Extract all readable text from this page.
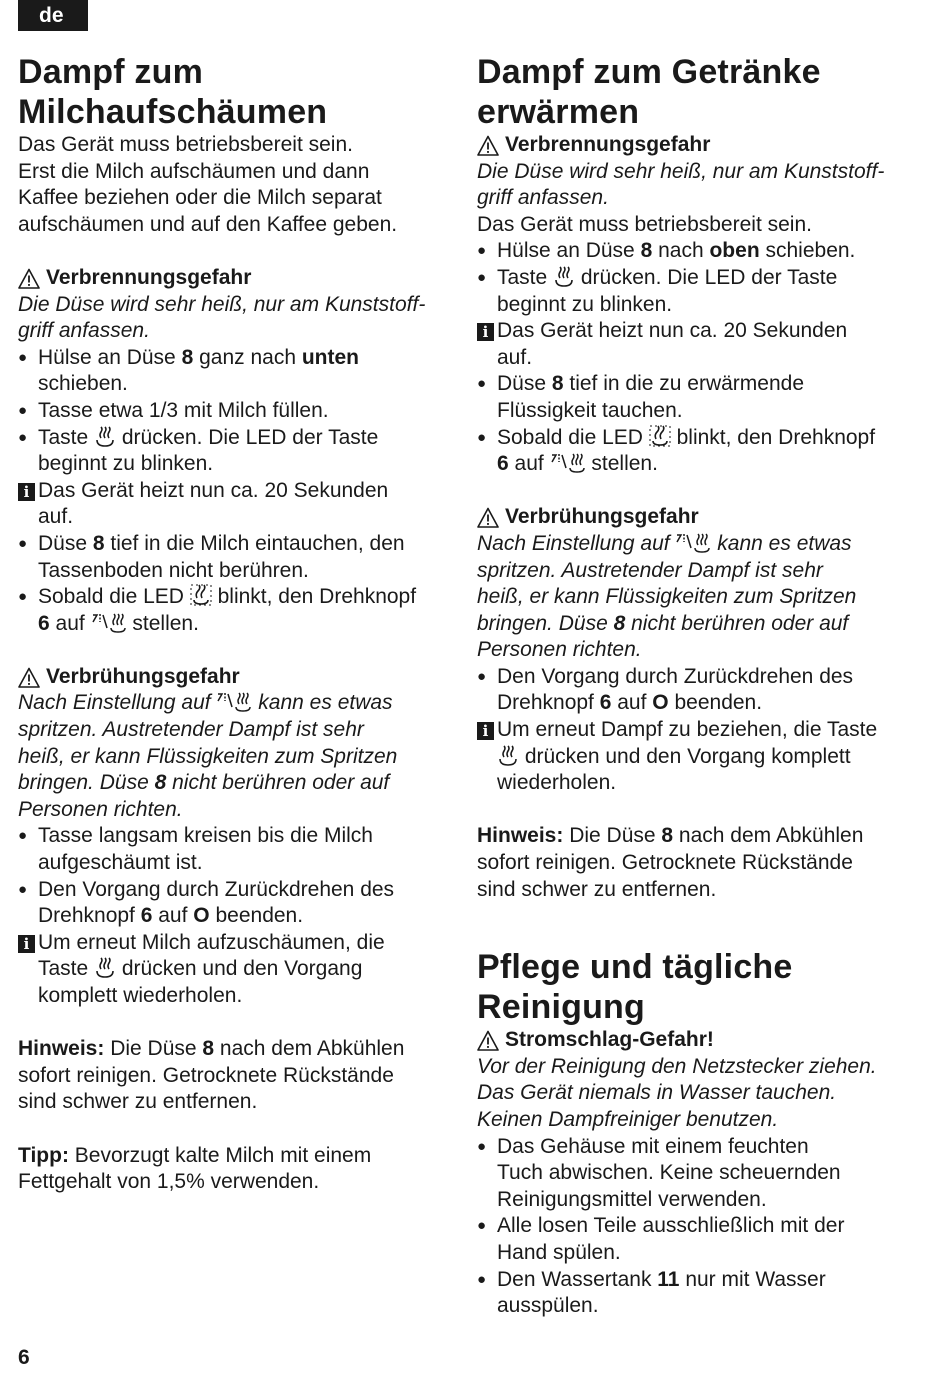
de
Dampf zum Milchaufschäumen

Das Gerät muss betriebsbereit sein.

Erst die Milch aufschäumen und dann

Kaffee beziehen oder die Milch separat

aufschäumen und auf den Kaffee geben.

Verbrennungsgefahr

Die Düse wird sehr heiß, nur am Kunststoff-

griff anfassen.

● Hülse an Düse 8 ganz nach unten
schieben.
● Tasse etwa 1/3 mit Milch füllen.
● Taste  drücken. Die LED der Taste
beginnt zu blinken.
i Das Gerät heizt nun ca. 20 Sekunden
auf.
● Düse 8 tief in die Milch eintauchen, den
Tassenboden nicht berühren.
● Sobald die LED  blinkt, den Drehknopf
6 auf  stellen.

Verbrühungsgefahr

Nach Einstellung auf  kann es etwas

spritzen. Austretender Dampf ist sehr

heiß, er kann Flüssigkeiten zum Spritzen

bringen. Düse 8 nicht berühren oder auf

Personen richten.

● Tasse langsam kreisen bis die Milch
aufgeschäumt ist.
● Den Vorgang durch Zurückdrehen des
Drehknopf 6 auf O beenden.
i Um erneut Milch aufzuschäumen, die
Taste  drücken und den Vorgang
komplett wiederholen.

Hinweis: Die Düse 8 nach dem Abkühlen

sofort reinigen. Getrocknete Rückstände

sind schwer zu entfernen.

Tipp: Bevorzugt kalte Milch mit einem

Fettgehalt von 1,5% verwenden.

Dampf zum Getränke erwärmen

Verbrennungsgefahr

Die Düse wird sehr heiß, nur am Kunststoff-

griff anfassen.

Das Gerät muss betriebsbereit sein.

● Hülse an Düse 8 nach oben schieben.
● Taste  drücken. Die LED der Taste
beginnt zu blinken.
i Das Gerät heizt nun ca. 20 Sekunden
auf.
● Düse 8 tief in die zu erwärmende
Flüssigkeit tauchen.
● Sobald die LED  blinkt, den Drehknopf
6 auf  stellen.

Verbrühungsgefahr

Nach Einstellung auf  kann es etwas

spritzen. Austretender Dampf ist sehr

heiß, er kann Flüssigkeiten zum Spritzen

bringen. Düse 8 nicht berühren oder auf

Personen richten.

● Den Vorgang durch Zurückdrehen des
Drehknopf 6 auf O beenden.
i Um erneut Dampf zu beziehen, die Taste
drücken und den Vorgang komplett
wiederholen.

Hinweis: Die Düse 8 nach dem Abkühlen

sofort reinigen. Getrocknete Rückstände

sind schwer zu entfernen.

Pflege und tägliche Reinigung

Stromschlag-Gefahr!

Vor der Reinigung den Netzstecker ziehen.

Das Gerät niemals in Wasser tauchen.

Keinen Dampfreiniger benutzen.

● Das Gehäuse mit einem feuchten
Tuch abwischen. Keine scheuernden
Reinigungsmittel verwenden.
● Alle losen Teile ausschließlich mit der
Hand spülen.
● Den Wassertank 11 nur mit Wasser
ausspülen.
6
